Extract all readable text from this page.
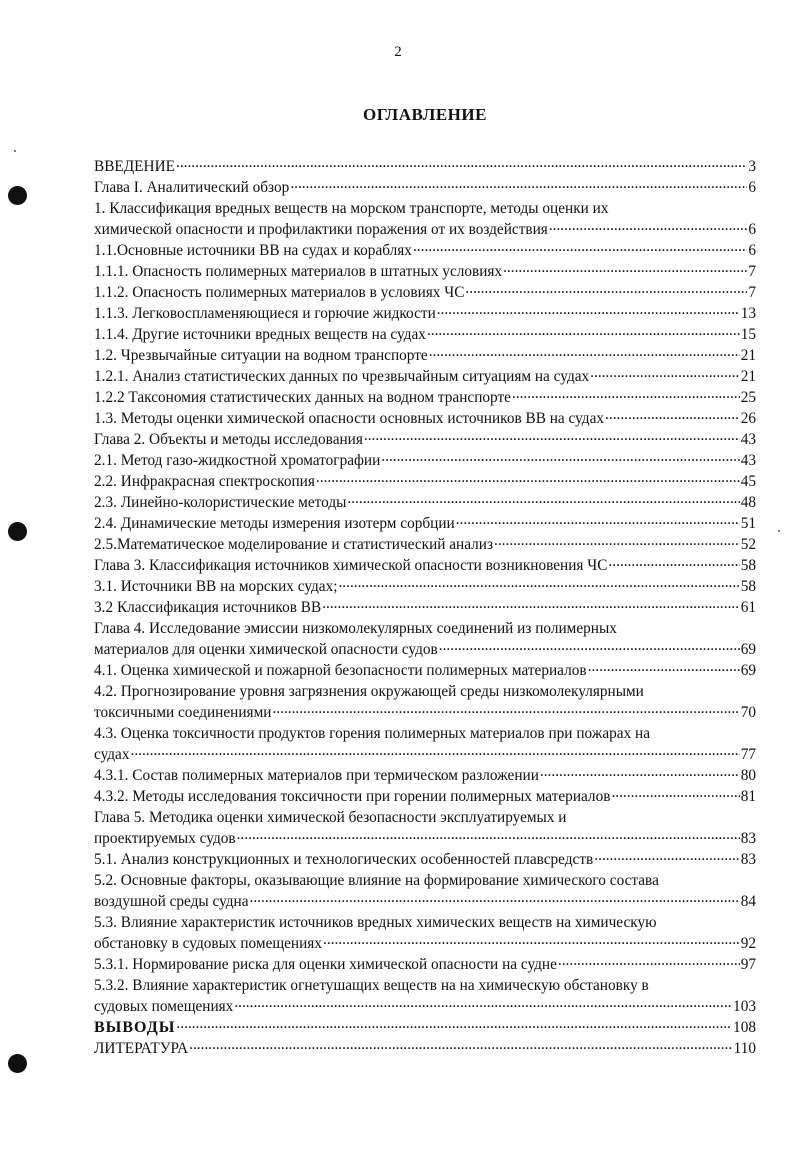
2
ОГЛАВЛЕНИЕ
ВВЕДЕНИЕ .....	3
Глава I. Аналитический обзор .....	6
1. Классификация вредных веществ на морском транспорте, методы оценки их
химической опасности и профилактики поражения от их воздействия .....	6
1.1.Основные источники ВВ на судах и кораблях .....	6
1.1.1. Опасность полимерных материалов в штатных условиях .....	7
1.1.2. Опасность полимерных материалов в условиях ЧС .....	7
1.1.3. Легковоспламеняющиеся и горючие жидкости .....	13
1.1.4. Другие источники вредных веществ на судах .....	15
1.2. Чрезвычайные ситуации на водном транспорте .....	21
1.2.1. Анализ статистических данных по чрезвычайным ситуациям на судах .....	21
1.2.2 Таксономия статистических данных на водном транспорте .....	25
1.3. Методы оценки химической опасности основных источников ВВ на судах .....	26
Глава 2. Объекты и методы исследования .....	43
2.1. Метод газо-жидкостной хроматографии .....	43
2.2. Инфракрасная спектроскопия .....	45
2.3. Линейно-колористические методы .....	48
2.4. Динамические методы измерения изотерм сорбции .....	51
2.5.Математическое моделирование и статистический анализ .....	52
Глава 3. Классификация источников химической опасности возникновения ЧС .....	58
3.1. Источники ВВ на морских судах; .....	58
3.2 Классификация источников ВВ .....	61
Глава 4. Исследование эмиссии низкомолекулярных соединений из полимерных
материалов для оценки химической опасности судов .....	69
4.1. Оценка химической и пожарной безопасности полимерных материалов .....	69
4.2. Прогнозирование уровня загрязнения окружающей среды низкомолекулярными
токсичными соединениями .....	70
4.3. Оценка токсичности продуктов горения полимерных материалов при пожарах на
судах .....	77
4.3.1. Состав полимерных материалов при термическом разложении .....	80
4.3.2. Методы исследования токсичности при горении полимерных материалов .....	81
Глава 5. Методика оценки химической безопасности эксплуатируемых и
проектируемых судов .....	83
5.1. Анализ конструкционных и технологических особенностей плавсредств .....	83
5.2. Основные факторы, оказывающие влияние на формирование химического состава
воздушной среды судна .....	84
5.3. Влияние характеристик источников вредных химических веществ на химическую
обстановку в судовых помещениях .....	92
5.3.1. Нормирование риска для оценки химической опасности на судне .....	97
5.3.2. Влияние характеристик огнетушащих веществ на на химическую обстановку в
судовых помещениях .....	103
ВЫВОДЫ .....	108
ЛИТЕРАТУРА .....	110
